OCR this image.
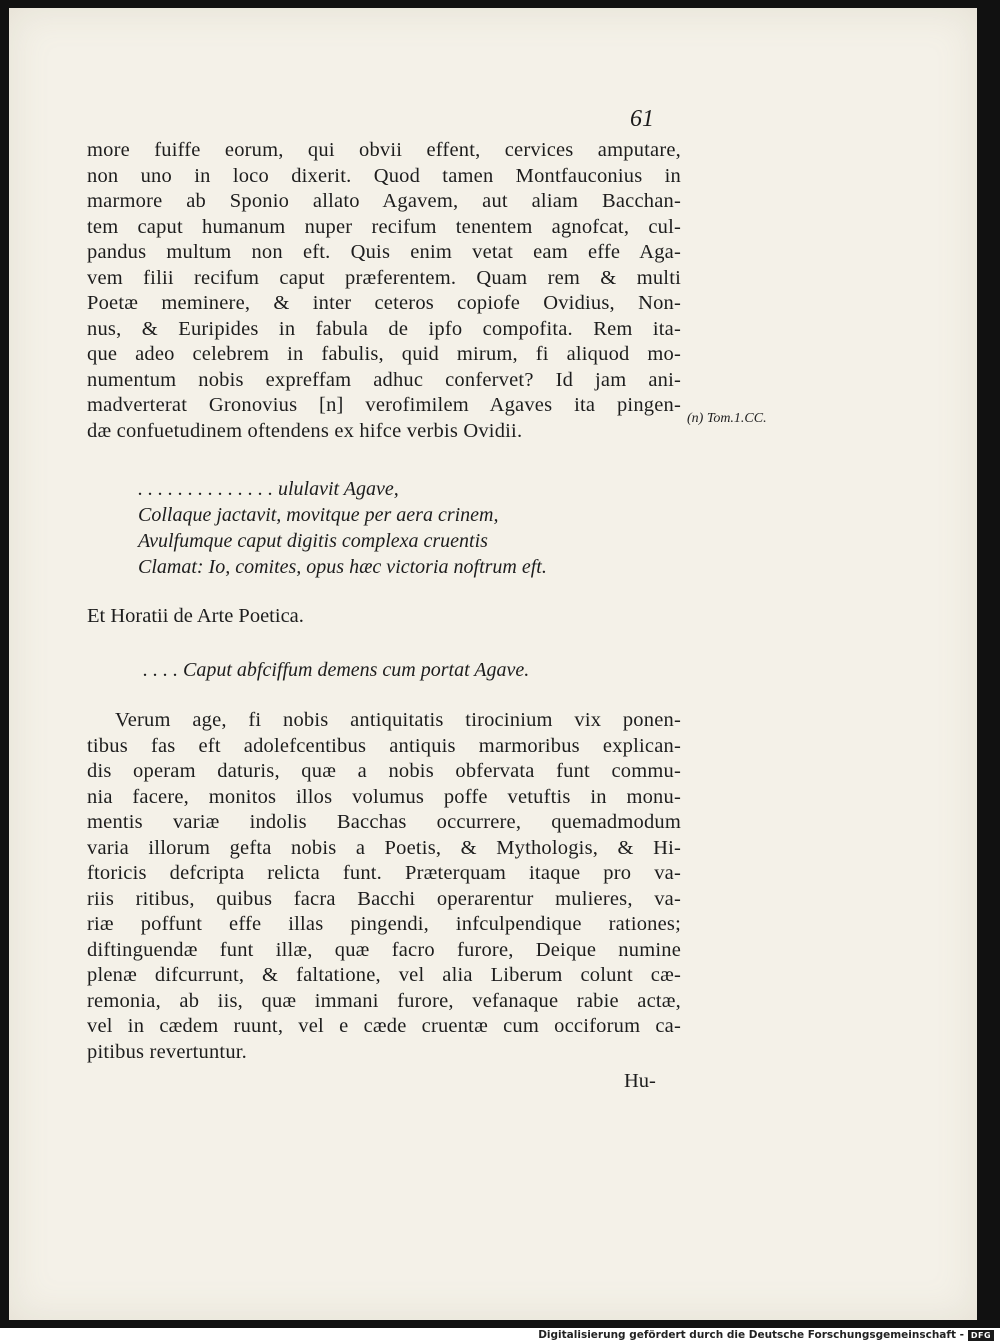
61
more fuiffe eorum, qui obvii effent, cervices amputare,
non uno in loco dixerit. Quod tamen Montfauconius in
marmore ab Sponio allato Agavem, aut aliam Bacchan-
tem caput humanum nuper recifum tenentem agnofcat, cul-
pandus multum non eft. Quis enim vetat eam effe Aga-
vem filii recifum caput præferentem. Quam rem & multi
Poetæ meminere, & inter ceteros copiofe Ovidius, Non-
nus, & Euripides in fabula de ipfo compofita. Rem ita-
que adeo celebrem in fabulis, quid mirum, fi aliquod mo-
numentum nobis expreffam adhuc confervet? Id jam ani-
madverterat Gronovius [n] verofimilem Agaves ita pingen-
dæ confuetudinem oftendens ex hifce verbis Ovidii.
(n) Tom.1.CC.
. . . . . . . . . . . . . . ululavit Agave,
Collaque jactavit, movitque per aera crinem,
Avulfumque caput digitis complexa cruentis
Clamat: Io, comites, opus hæc victoria noftrum eft.
Et Horatii de Arte Poetica.
. . . . Caput abfciffum demens cum portat Agave.
Verum age, fi nobis antiquitatis tirocinium vix ponen-
tibus fas eft adolefcentibus antiquis marmoribus explican-
dis operam daturis, quæ a nobis obfervata funt commu-
nia facere, monitos illos volumus poffe vetuftis in monu-
mentis variæ indolis Bacchas occurrere, quemadmodum
varia illorum gefta nobis a Poetis, & Mythologis, & Hi-
ftoricis defcripta relicta funt. Præterquam itaque pro va-
riis ritibus, quibus facra Bacchi operarentur mulieres, va-
riæ poffunt effe illas pingendi, infculpendique rationes;
diftinguendæ funt illæ, quæ facro furore, Deique numine
plenæ difcurrunt, & faltatione, vel alia Liberum colunt cæ-
remonia, ab iis, quæ immani furore, vefanaque rabie actæ,
vel in cædem ruunt, vel e cæde cruentæ cum occiforum ca-
pitibus revertuntur.
Hu-
Digitalisierung gefördert durch die Deutsche Forschungsgemeinschaft - DFG
